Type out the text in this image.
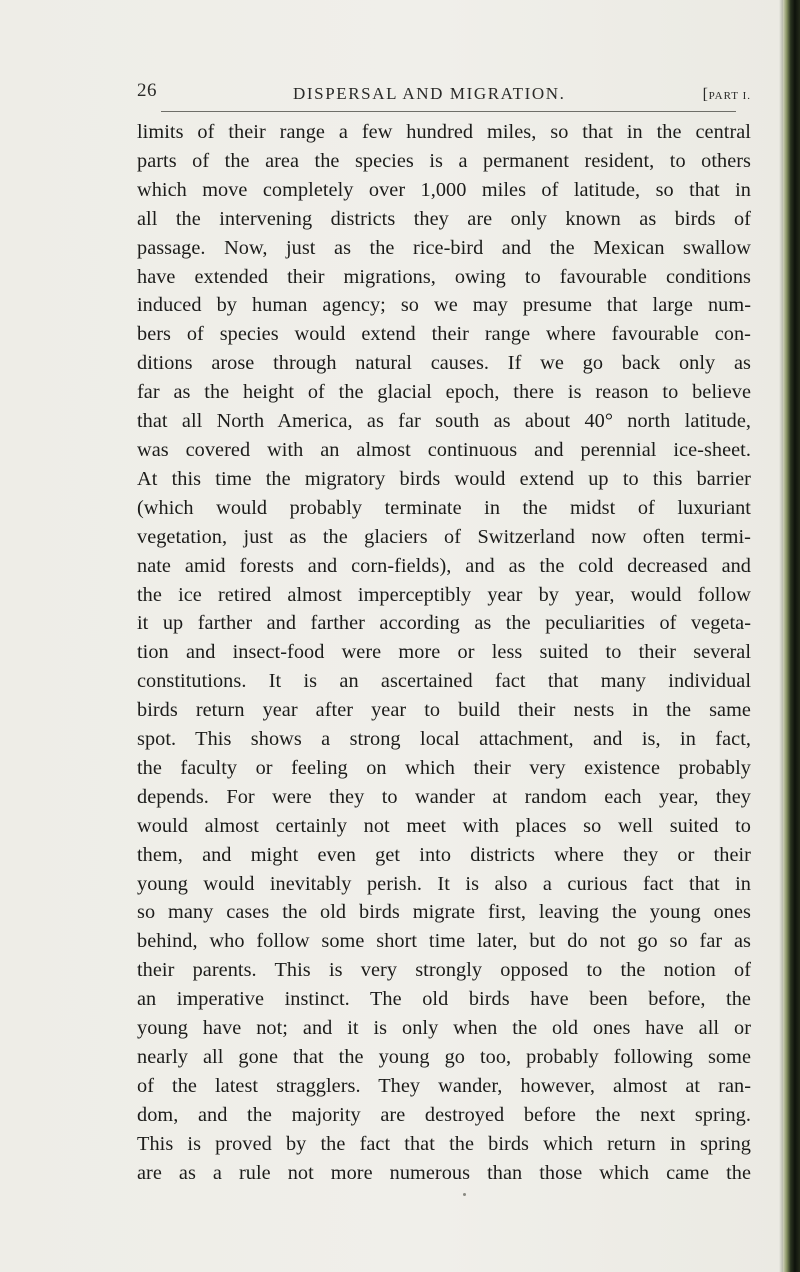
26	DISPERSAL AND MIGRATION.	[PART I.
limits of their range a few hundred miles, so that in the central
parts of the area the species is a permanent resident, to others
which move completely over 1,000 miles of latitude, so that in
all the intervening districts they are only known as birds of
passage. Now, just as the rice-bird and the Mexican swallow
have extended their migrations, owing to favourable conditions
induced by human agency; so we may presume that large num-
bers of species would extend their range where favourable con-
ditions arose through natural causes. If we go back only as
far as the height of the glacial epoch, there is reason to believe
that all North America, as far south as about 40° north latitude,
was covered with an almost continuous and perennial ice-sheet.
At this time the migratory birds would extend up to this barrier
(which would probably terminate in the midst of luxuriant
vegetation, just as the glaciers of Switzerland now often termi-
nate amid forests and corn-fields), and as the cold decreased and
the ice retired almost imperceptibly year by year, would follow
it up farther and farther according as the peculiarities of vegeta-
tion and insect-food were more or less suited to their several
constitutions. It is an ascertained fact that many individual
birds return year after year to build their nests in the same
spot. This shows a strong local attachment, and is, in fact,
the faculty or feeling on which their very existence probably
depends. For were they to wander at random each year, they
would almost certainly not meet with places so well suited to
them, and might even get into districts where they or their
young would inevitably perish. It is also a curious fact that in
so many cases the old birds migrate first, leaving the young ones
behind, who follow some short time later, but do not go so far as
their parents. This is very strongly opposed to the notion of
an imperative instinct. The old birds have been before, the
young have not; and it is only when the old ones have all or
nearly all gone that the young go too, probably following some
of the latest stragglers. They wander, however, almost at ran-
dom, and the majority are destroyed before the next spring.
This is proved by the fact that the birds which return in spring
are as a rule not more numerous than those which came the
